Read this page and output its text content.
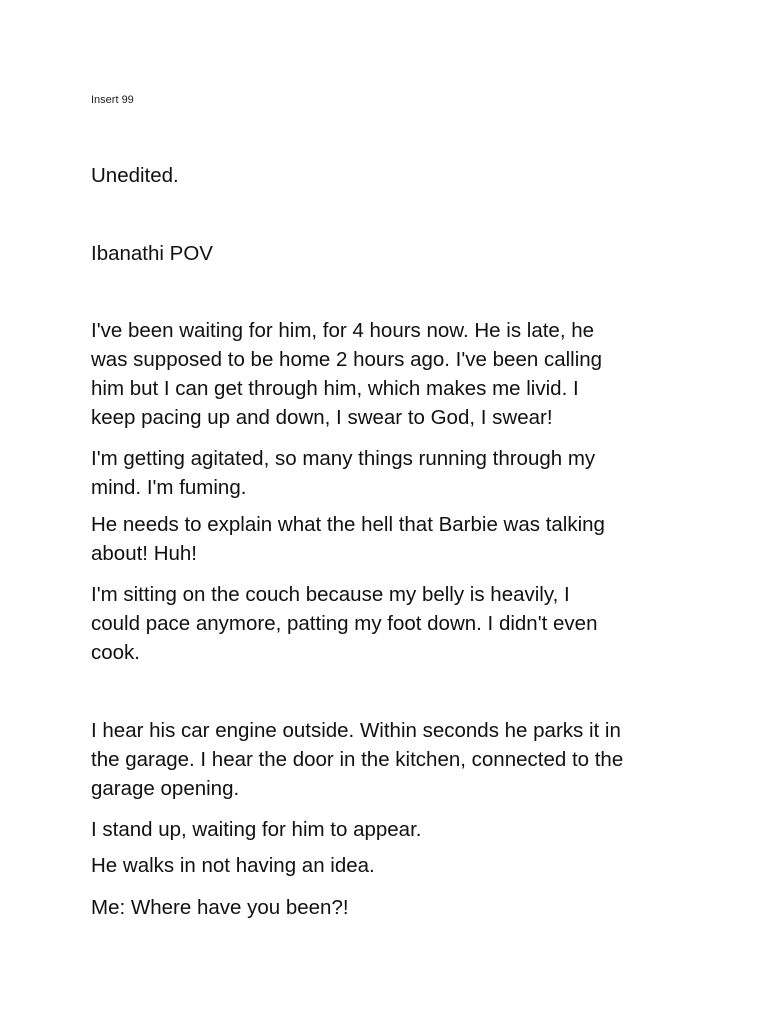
Insert 99
Unedited.
Ibanathi POV
I've been waiting for him, for 4 hours now. He is late, he
was supposed to be home 2 hours ago. I've been calling
him but I can get through him, which makes me livid. I
keep pacing up and down, I swear to God, I swear!
I'm getting agitated, so many things running through my
mind. I'm fuming.
He needs to explain what the hell that Barbie was talking
about! Huh!
I'm sitting on the couch because my belly is heavily, I
could pace anymore, patting my foot down. I didn't even
cook.
I hear his car engine outside. Within seconds he parks it in
the garage. I hear the door in the kitchen, connected to the
garage opening.
I stand up, waiting for him to appear.
He walks in not having an idea.
Me: Where have you been?!
